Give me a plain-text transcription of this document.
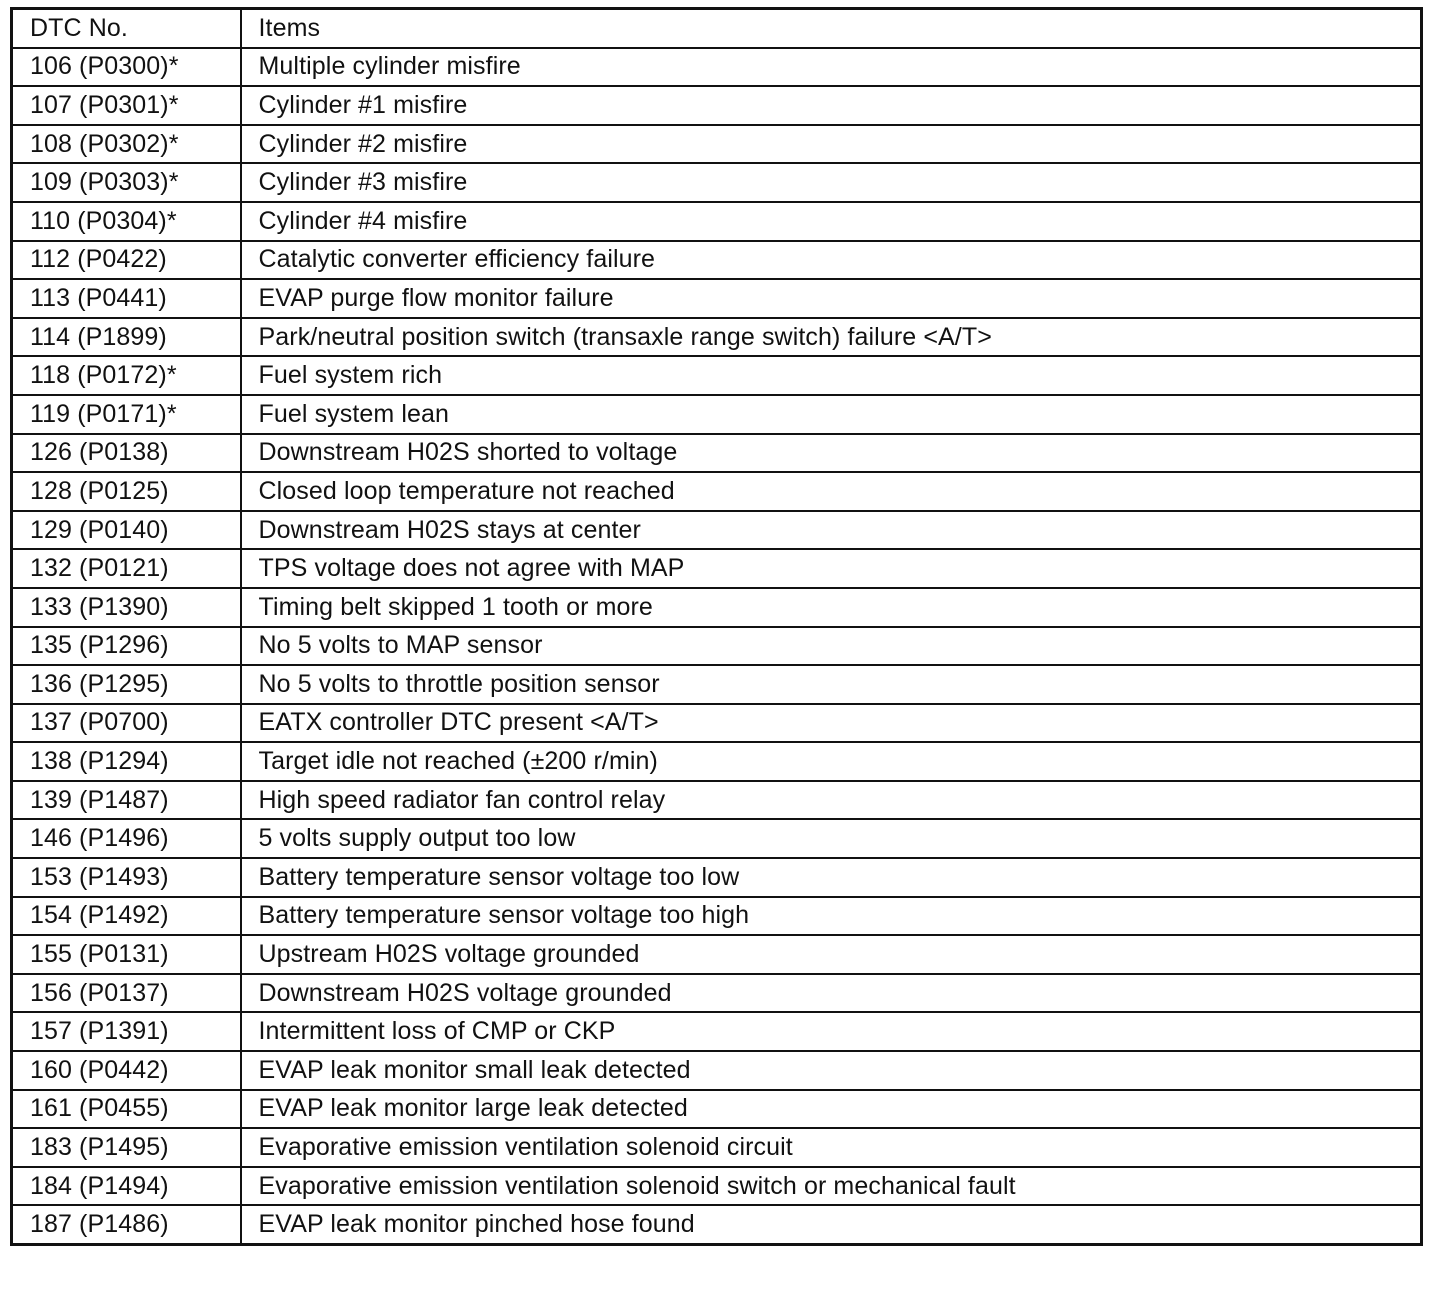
DTC No.	Items
106 (P0300)*	Multiple cylinder misfire
107 (P0301)*	Cylinder #1 misfire
108 (P0302)*	Cylinder #2 misfire
109 (P0303)*	Cylinder #3 misfire
110 (P0304)*	Cylinder #4 misfire
112 (P0422)	Catalytic converter efficiency failure
113 (P0441)	EVAP purge flow monitor failure
114 (P1899)	Park/neutral position switch (transaxle range switch) failure <A/T>
118 (P0172)*	Fuel system rich
119 (P0171)*	Fuel system lean
126 (P0138)	Downstream H02S shorted to voltage
128 (P0125)	Closed loop temperature not reached
129 (P0140)	Downstream H02S stays at center
132 (P0121)	TPS voltage does not agree with MAP
133 (P1390)	Timing belt skipped 1 tooth or more
135 (P1296)	No 5 volts to MAP sensor
136 (P1295)	No 5 volts to throttle position sensor
137 (P0700)	EATX controller DTC present <A/T>
138 (P1294)	Target idle not reached (±200 r/min)
139 (P1487)	High speed radiator fan control relay
146 (P1496)	5 volts supply output too low
153 (P1493)	Battery temperature sensor voltage too low
154 (P1492)	Battery temperature sensor voltage too high
155 (P0131)	Upstream H02S voltage grounded
156 (P0137)	Downstream H02S voltage grounded
157 (P1391)	Intermittent loss of CMP or CKP
160 (P0442)	EVAP leak monitor small leak detected
161 (P0455)	EVAP leak monitor large leak detected
183 (P1495)	Evaporative emission ventilation solenoid circuit
184 (P1494)	Evaporative emission ventilation solenoid switch or mechanical fault
187 (P1486)	EVAP leak monitor pinched hose found
